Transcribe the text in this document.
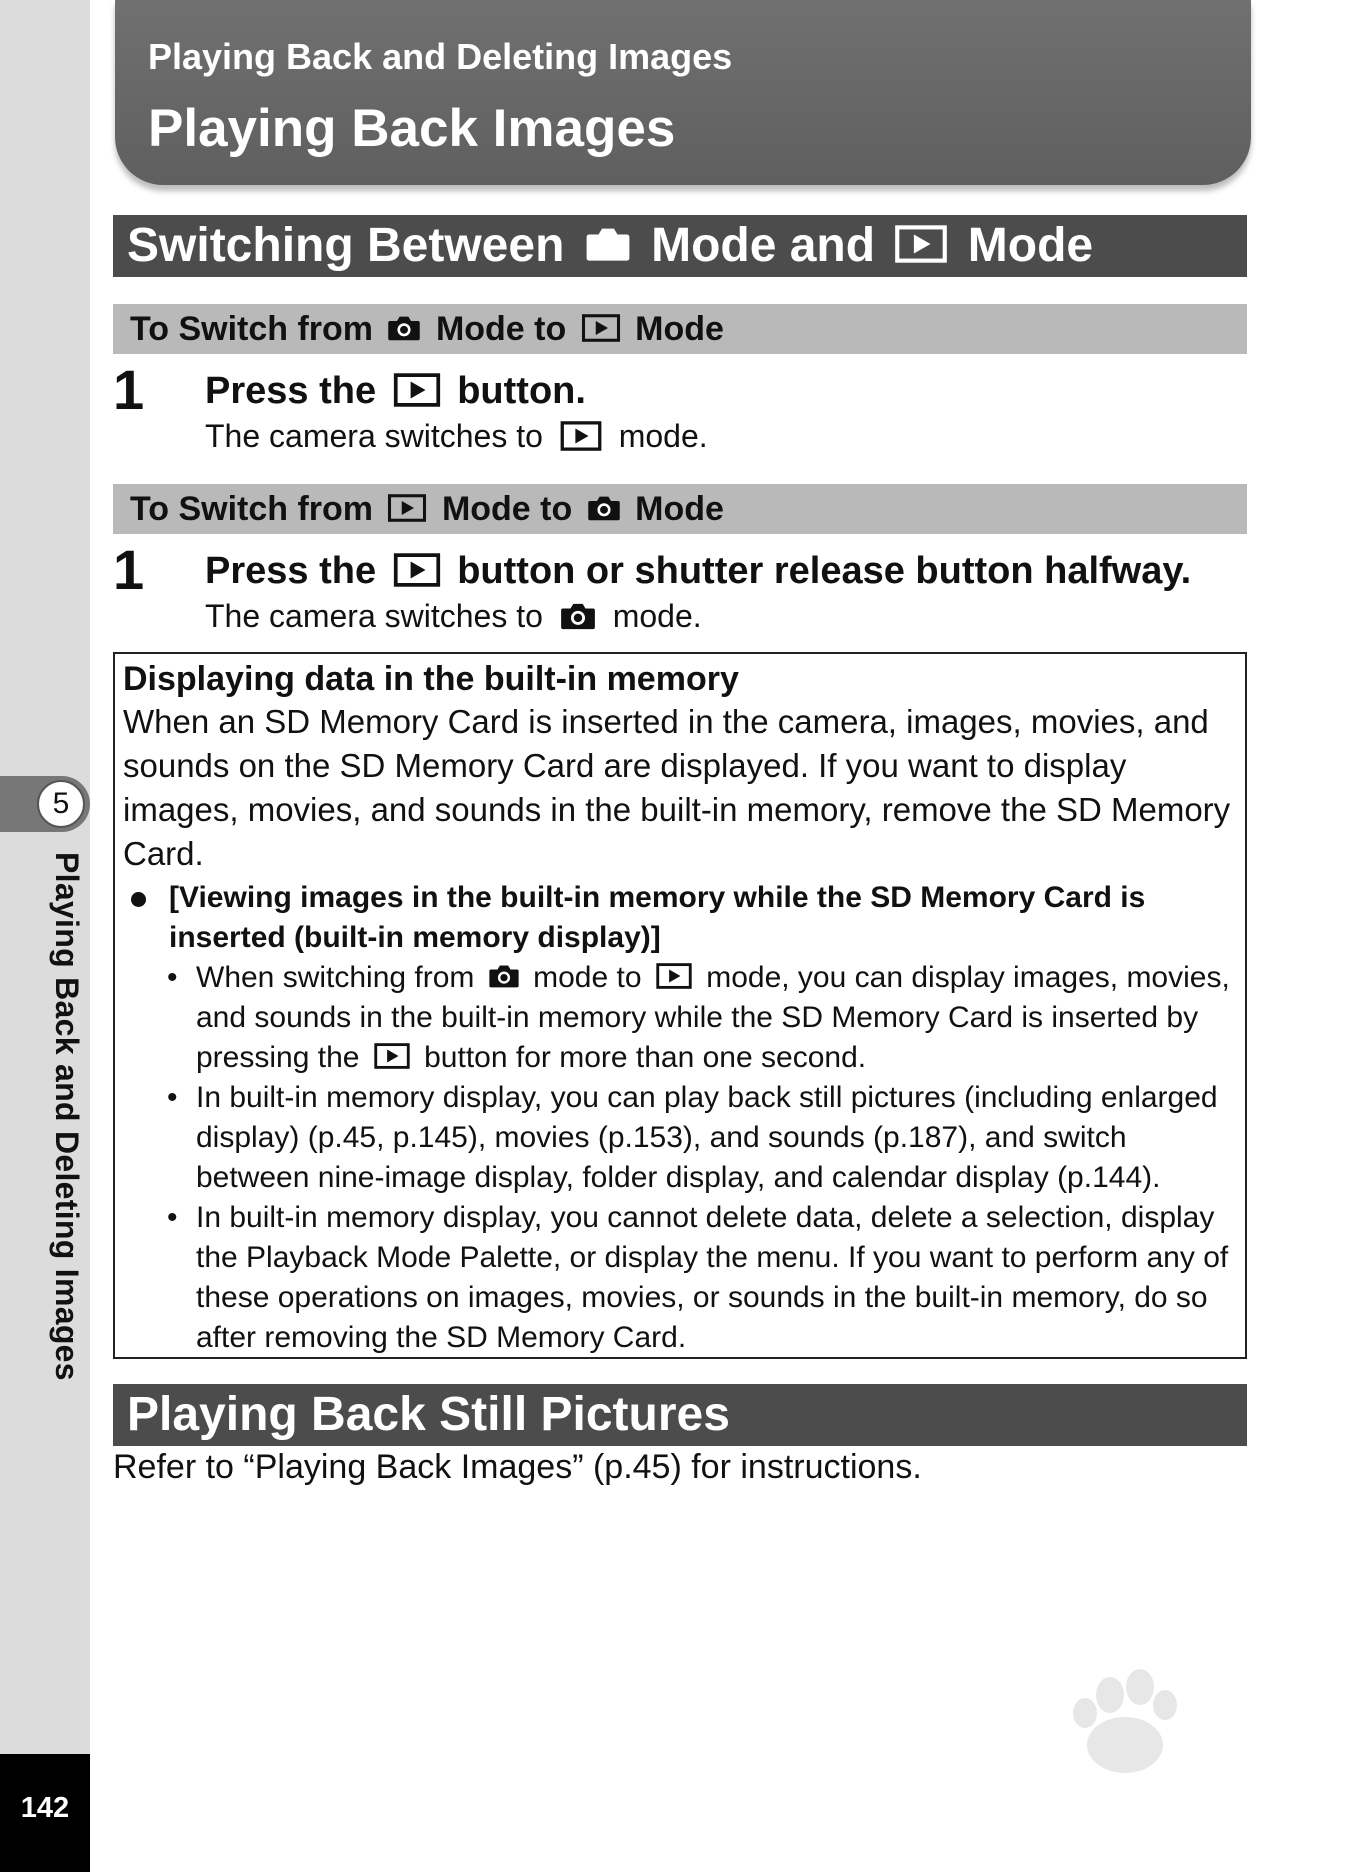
5
Playing Back and Deleting Images
142
Playing Back and Deleting Images
Playing Back Images
Switching Between Mode and Mode
To Switch from Mode to Mode
1 Press the button.
The camera switches to mode.
To Switch from Mode to Mode
1 Press the button or shutter release button halfway.
The camera switches to mode.
Displaying data in the built-in memory
When an SD Memory Card is inserted in the camera, images, movies, and sounds on the SD Memory Card are displayed. If you want to display images, movies, and sounds in the built-in memory, remove the SD Memory Card.
[Viewing images in the built-in memory while the SD Memory Card is inserted (built-in memory display)]
• When switching from mode to mode, you can display images, movies, and sounds in the built-in memory while the SD Memory Card is inserted by pressing the button for more than one second.
• In built-in memory display, you can play back still pictures (including enlarged display) (p.45, p.145), movies (p.153), and sounds (p.187), and switch between nine-image display, folder display, and calendar display (p.144).
• In built-in memory display, you cannot delete data, delete a selection, display the Playback Mode Palette, or display the menu. If you want to perform any of these operations on images, movies, or sounds in the built-in memory, do so after removing the SD Memory Card.
Playing Back Still Pictures
Refer to “Playing Back Images” (p.45) for instructions.
